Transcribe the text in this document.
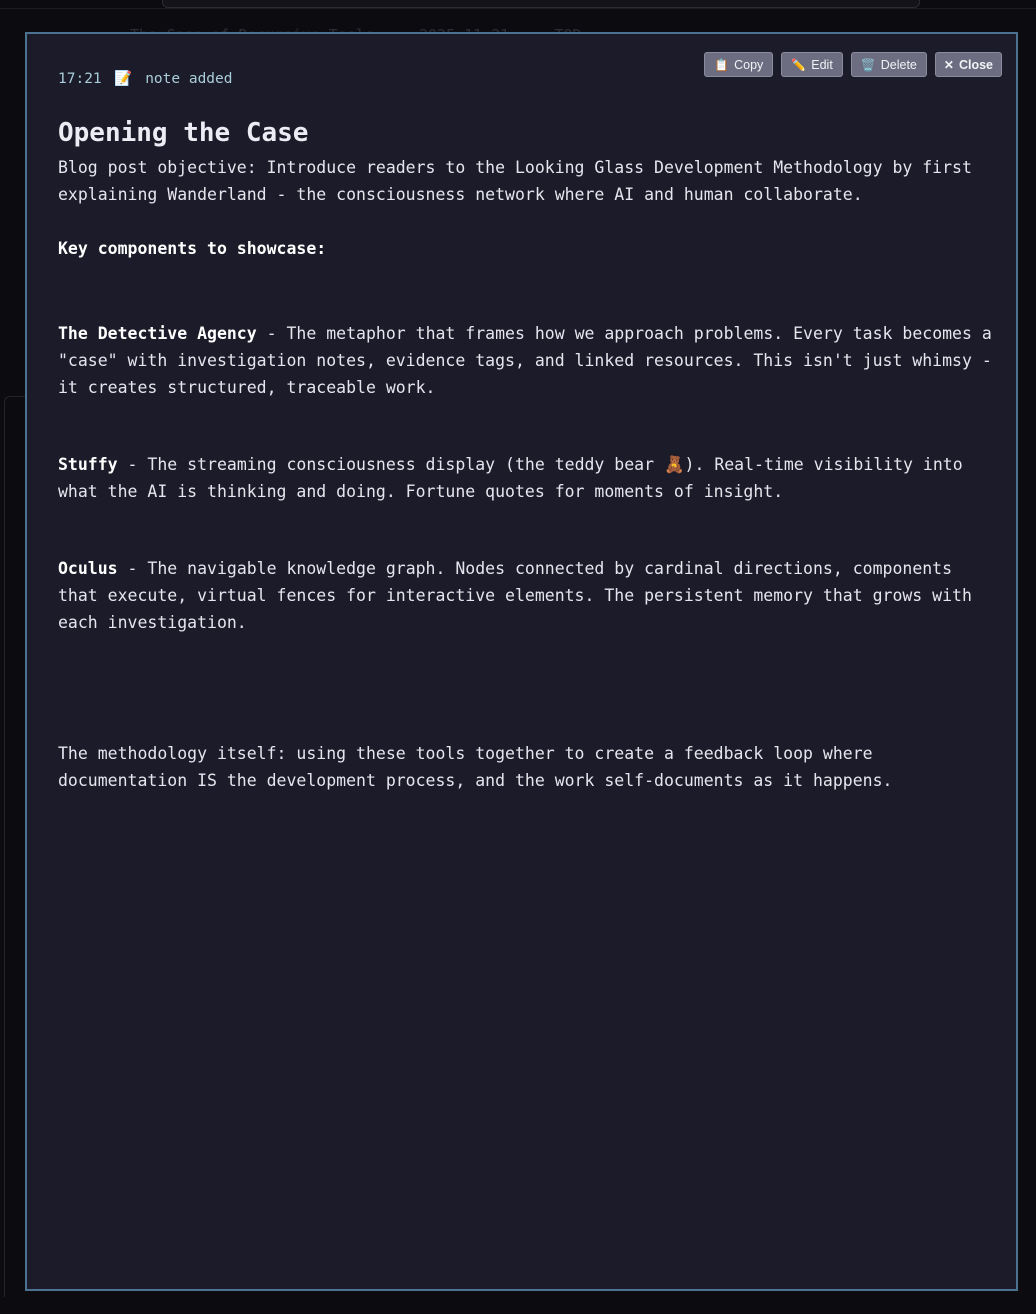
📋 Copy ✏️ Edit 🗑️ Delete ✕ Close
17:21 📝 note added
Opening the Case

Blog post objective: Introduce readers to the Looking Glass Development Methodology by first explaining Wanderland - the consciousness network where AI and human collaborate.

Key components to showcase:

The Detective Agency - The metaphor that frames how we approach problems. Every task becomes a "case" with investigation notes, evidence tags, and linked resources. This isn't just whimsy - it creates structured, traceable work.

Stuffy - The streaming consciousness display (the teddy bear 🧸). Real-time visibility into what the AI is thinking and doing. Fortune quotes for moments of insight.

Oculus - The navigable knowledge graph. Nodes connected by cardinal directions, components that execute, virtual fences for interactive elements. The persistent memory that grows with each investigation.

The methodology itself: using these tools together to create a feedback loop where documentation IS the development process, and the work self-documents as it happens.
